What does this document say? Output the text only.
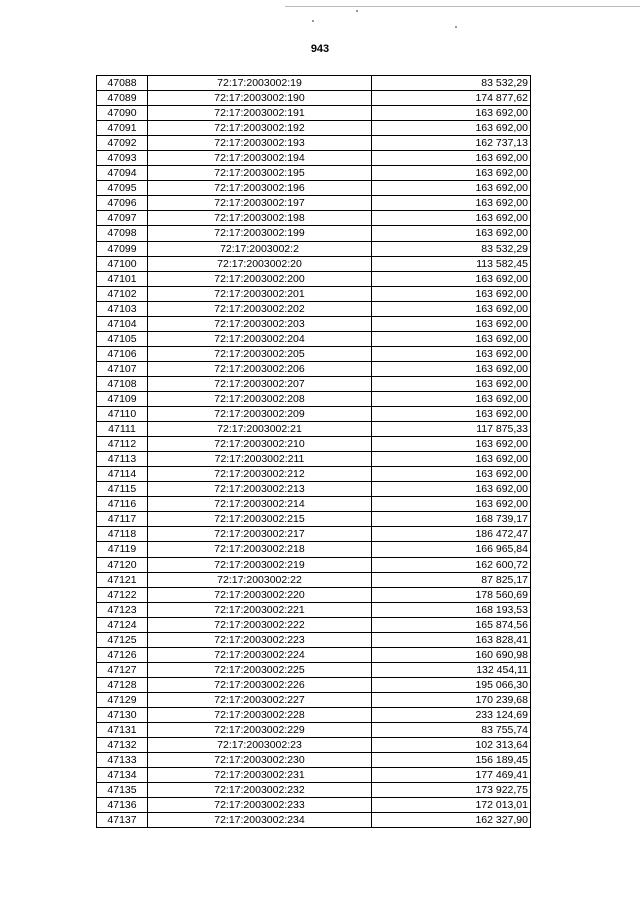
943
47088	72:17:2003002:19	83 532,29
47089	72:17:2003002:190	174 877,62
47090	72:17:2003002:191	163 692,00
47091	72:17:2003002:192	163 692,00
47092	72:17:2003002:193	162 737,13
47093	72:17:2003002:194	163 692,00
47094	72:17:2003002:195	163 692,00
47095	72:17:2003002:196	163 692,00
47096	72:17:2003002:197	163 692,00
47097	72:17:2003002:198	163 692,00
47098	72:17:2003002:199	163 692,00
47099	72:17:2003002:2	83 532,29
47100	72:17:2003002:20	113 582,45
47101	72:17:2003002:200	163 692,00
47102	72:17:2003002:201	163 692,00
47103	72:17:2003002:202	163 692,00
47104	72:17:2003002:203	163 692,00
47105	72:17:2003002:204	163 692,00
47106	72:17:2003002:205	163 692,00
47107	72:17:2003002:206	163 692,00
47108	72:17:2003002:207	163 692,00
47109	72:17:2003002:208	163 692,00
47110	72:17:2003002:209	163 692,00
47111	72:17:2003002:21	117 875,33
47112	72:17:2003002:210	163 692,00
47113	72:17:2003002:211	163 692,00
47114	72:17:2003002:212	163 692,00
47115	72:17:2003002:213	163 692,00
47116	72:17:2003002:214	163 692,00
47117	72:17:2003002:215	168 739,17
47118	72:17:2003002:217	186 472,47
47119	72:17:2003002:218	166 965,84
47120	72:17:2003002:219	162 600,72
47121	72:17:2003002:22	87 825,17
47122	72:17:2003002:220	178 560,69
47123	72:17:2003002:221	168 193,53
47124	72:17:2003002:222	165 874,56
47125	72:17:2003002:223	163 828,41
47126	72:17:2003002:224	160 690,98
47127	72:17:2003002:225	132 454,11
47128	72:17:2003002:226	195 066,30
47129	72:17:2003002:227	170 239,68
47130	72:17:2003002:228	233 124,69
47131	72:17:2003002:229	83 755,74
47132	72:17:2003002:23	102 313,64
47133	72:17:2003002:230	156 189,45
47134	72:17:2003002:231	177 469,41
47135	72:17:2003002:232	173 922,75
47136	72:17:2003002:233	172 013,01
47137	72:17:2003002:234	162 327,90
